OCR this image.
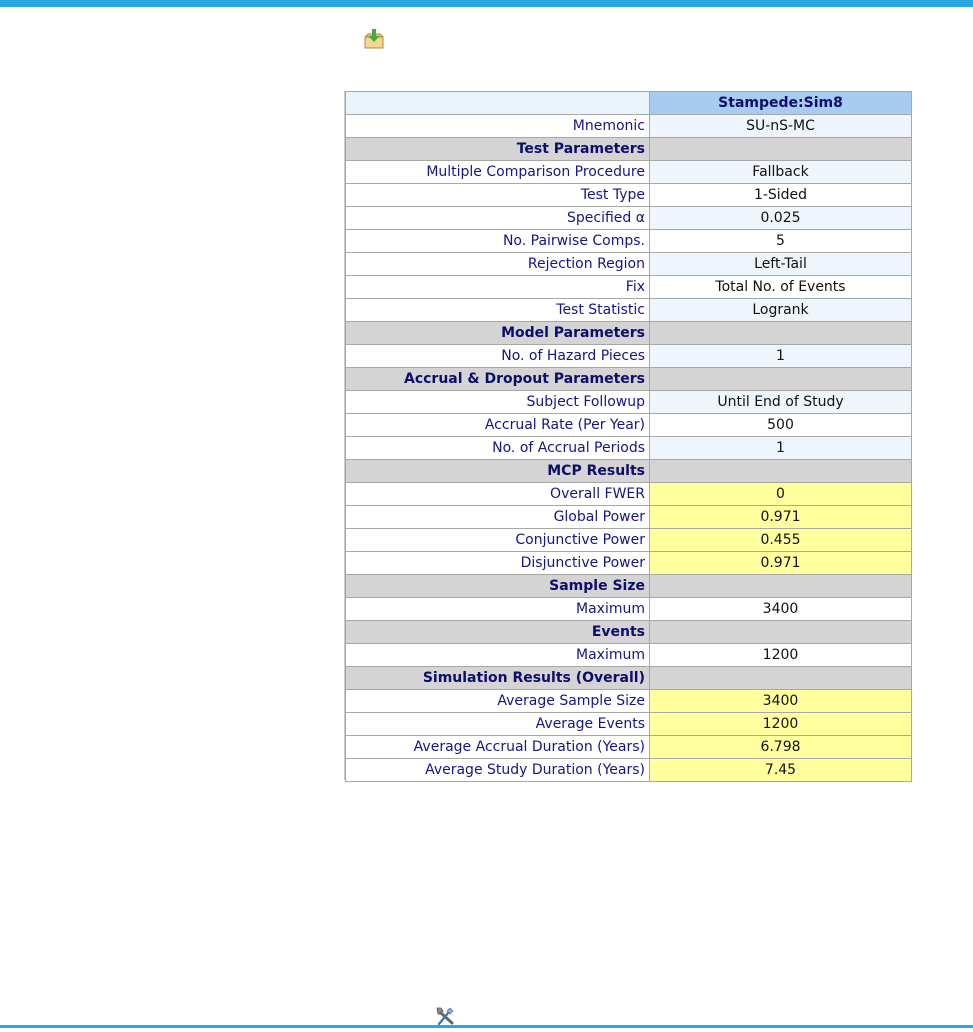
	Stampede:Sim8
Mnemonic	SU-nS-MC
Test Parameters	
Multiple Comparison Procedure	Fallback
Test Type	1-Sided
Specified α	0.025
No. Pairwise Comps.	5
Rejection Region	Left-Tail
Fix	Total No. of Events
Test Statistic	Logrank
Model Parameters	
No. of Hazard Pieces	1
Accrual & Dropout Parameters	
Subject Followup	Until End of Study
Accrual Rate (Per Year)	500
No. of Accrual Periods	1
MCP Results	
Overall FWER	0
Global Power	0.971
Conjunctive Power	0.455
Disjunctive Power	0.971
Sample Size	
Maximum	3400
Events	
Maximum	1200
Simulation Results (Overall)	
Average Sample Size	3400
Average Events	1200
Average Accrual Duration (Years)	6.798
Average Study Duration (Years)	7.45
